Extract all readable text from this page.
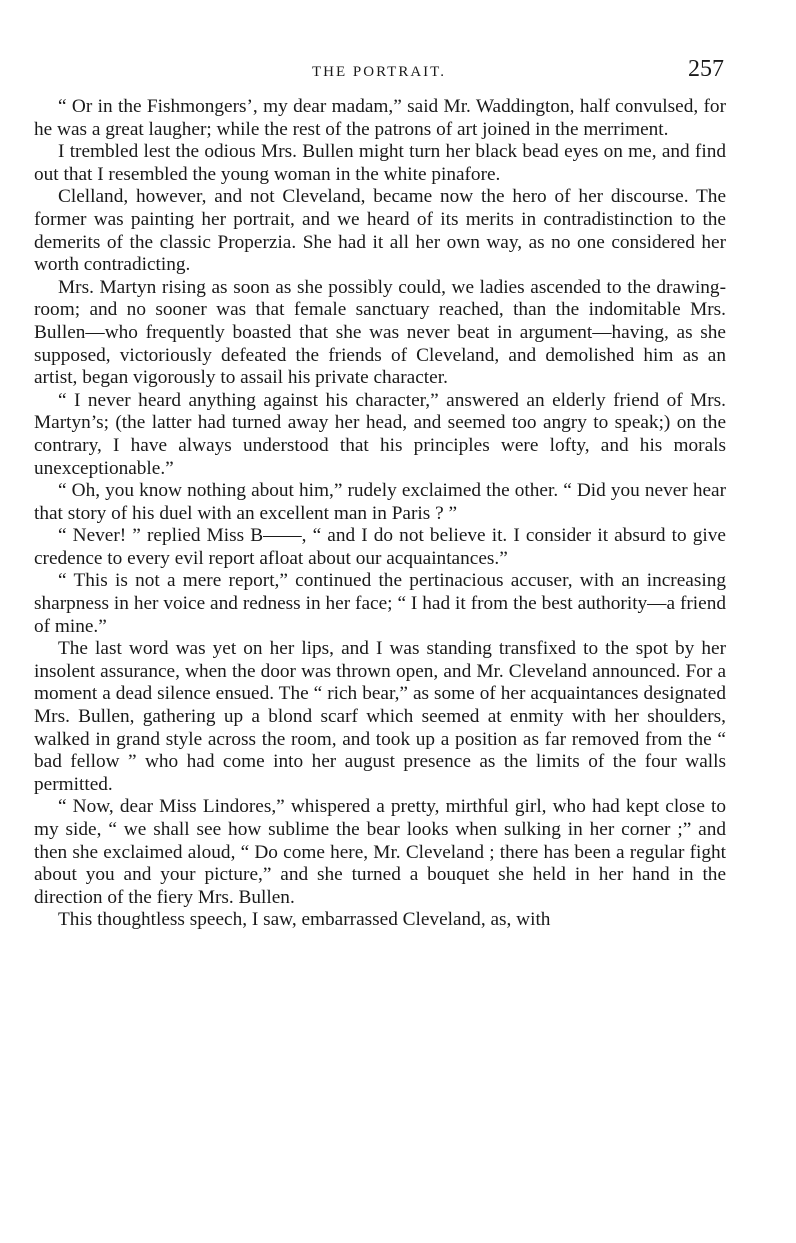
THE PORTRAIT.	257

“ Or in the Fishmongers’, my dear madam,” said Mr. Waddington, half convulsed, for he was a great laugher; while the rest of the patrons of art joined in the merriment.

I trembled lest the odious Mrs. Bullen might turn her black bead eyes on me, and find out that I resembled the young woman in the white pinafore.

Clelland, however, and not Cleveland, became now the hero of her discourse. The former was painting her portrait, and we heard of its merits in contradistinction to the demerits of the classic Properzia. She had it all her own way, as no one considered her worth contradicting.

Mrs. Martyn rising as soon as she possibly could, we ladies ascended to the drawing-room; and no sooner was that female sanctuary reached, than the indomitable Mrs. Bullen—who frequently boasted that she was never beat in argument—having, as she supposed, victoriously defeated the friends of Cleveland, and demolished him as an artist, began vigorously to assail his private character.

“ I never heard anything against his character,” answered an elderly friend of Mrs. Martyn’s; (the latter had turned away her head, and seemed too angry to speak;) on the contrary, I have always understood that his principles were lofty, and his morals unexceptionable.”

“ Oh, you know nothing about him,” rudely exclaimed the other. “ Did you never hear that story of his duel with an excellent man in Paris ? ”

“ Never! ” replied Miss B——, “ and I do not believe it. I consider it absurd to give credence to every evil report afloat about our acquaintances.”

“ This is not a mere report,” continued the pertinacious accuser, with an increasing sharpness in her voice and redness in her face; “ I had it from the best authority—a friend of mine.”

The last word was yet on her lips, and I was standing transfixed to the spot by her insolent assurance, when the door was thrown open, and Mr. Cleveland announced. For a moment a dead silence ensued. The “ rich bear,” as some of her acquaintances designated Mrs. Bullen, gathering up a blond scarf which seemed at enmity with her shoulders, walked in grand style across the room, and took up a position as far removed from the “ bad fellow ” who had come into her august presence as the limits of the four walls permitted.

“ Now, dear Miss Lindores,” whispered a pretty, mirthful girl, who had kept close to my side, “ we shall see how sublime the bear looks when sulking in her corner ;” and then she exclaimed aloud, “ Do come here, Mr. Cleveland ; there has been a regular fight about you and your picture,” and she turned a bouquet she held in her hand in the direction of the fiery Mrs. Bullen.

This thoughtless speech, I saw, embarrassed Cleveland, as, with
